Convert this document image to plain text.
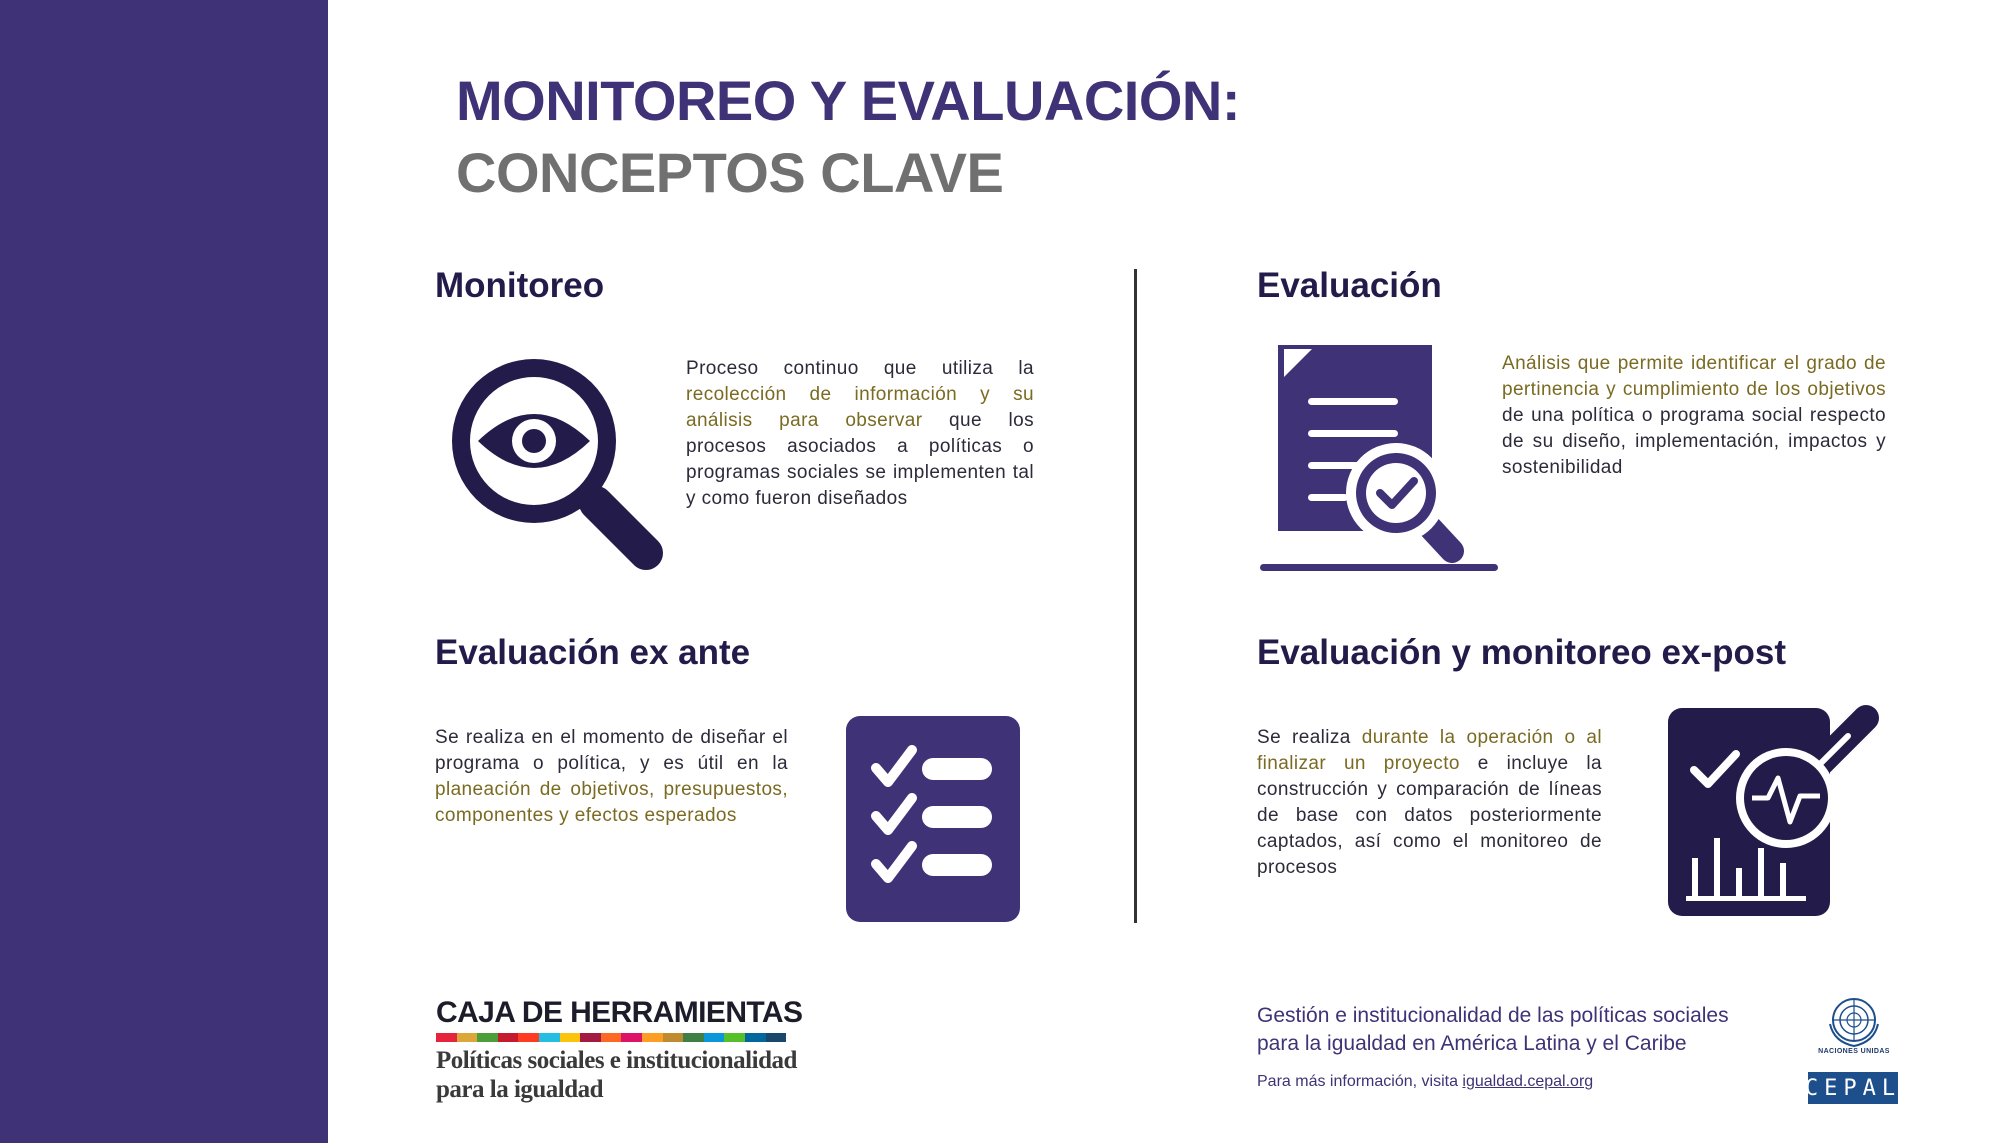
MONITOREO Y EVALUACIÓN:
CONCEPTOS CLAVE
Monitoreo

Proceso continuo que utiliza la recolección de información y su análisis para observar que los procesos asociados a políticas o programas sociales se implementen tal y como fueron diseñados

Evaluación

Análisis que permite identificar el grado de pertinencia y cumplimiento de los objetivos de una política o programa social respecto de su diseño, implementación, impactos y sostenibilidad

Evaluación ex ante

Se realiza en el momento de diseñar el programa o política, y es útil en la planeación de objetivos, presupuestos, componentes y efectos esperados

Evaluación y monitoreo ex-post

Se realiza durante la operación o al finalizar un proyecto e incluye la construcción y comparación de líneas de base con datos posteriormente captados, así como el monitoreo de procesos

CAJA DE HERRAMIENTAS
Políticas sociales e institucionalidad
para la igualdad
Gestión e institucionalidad de las políticas sociales
para la igualdad en América Latina y el Caribe
Para más información, visita igualdad.cepal.org
NACIONES UNIDAS
CEPAL
